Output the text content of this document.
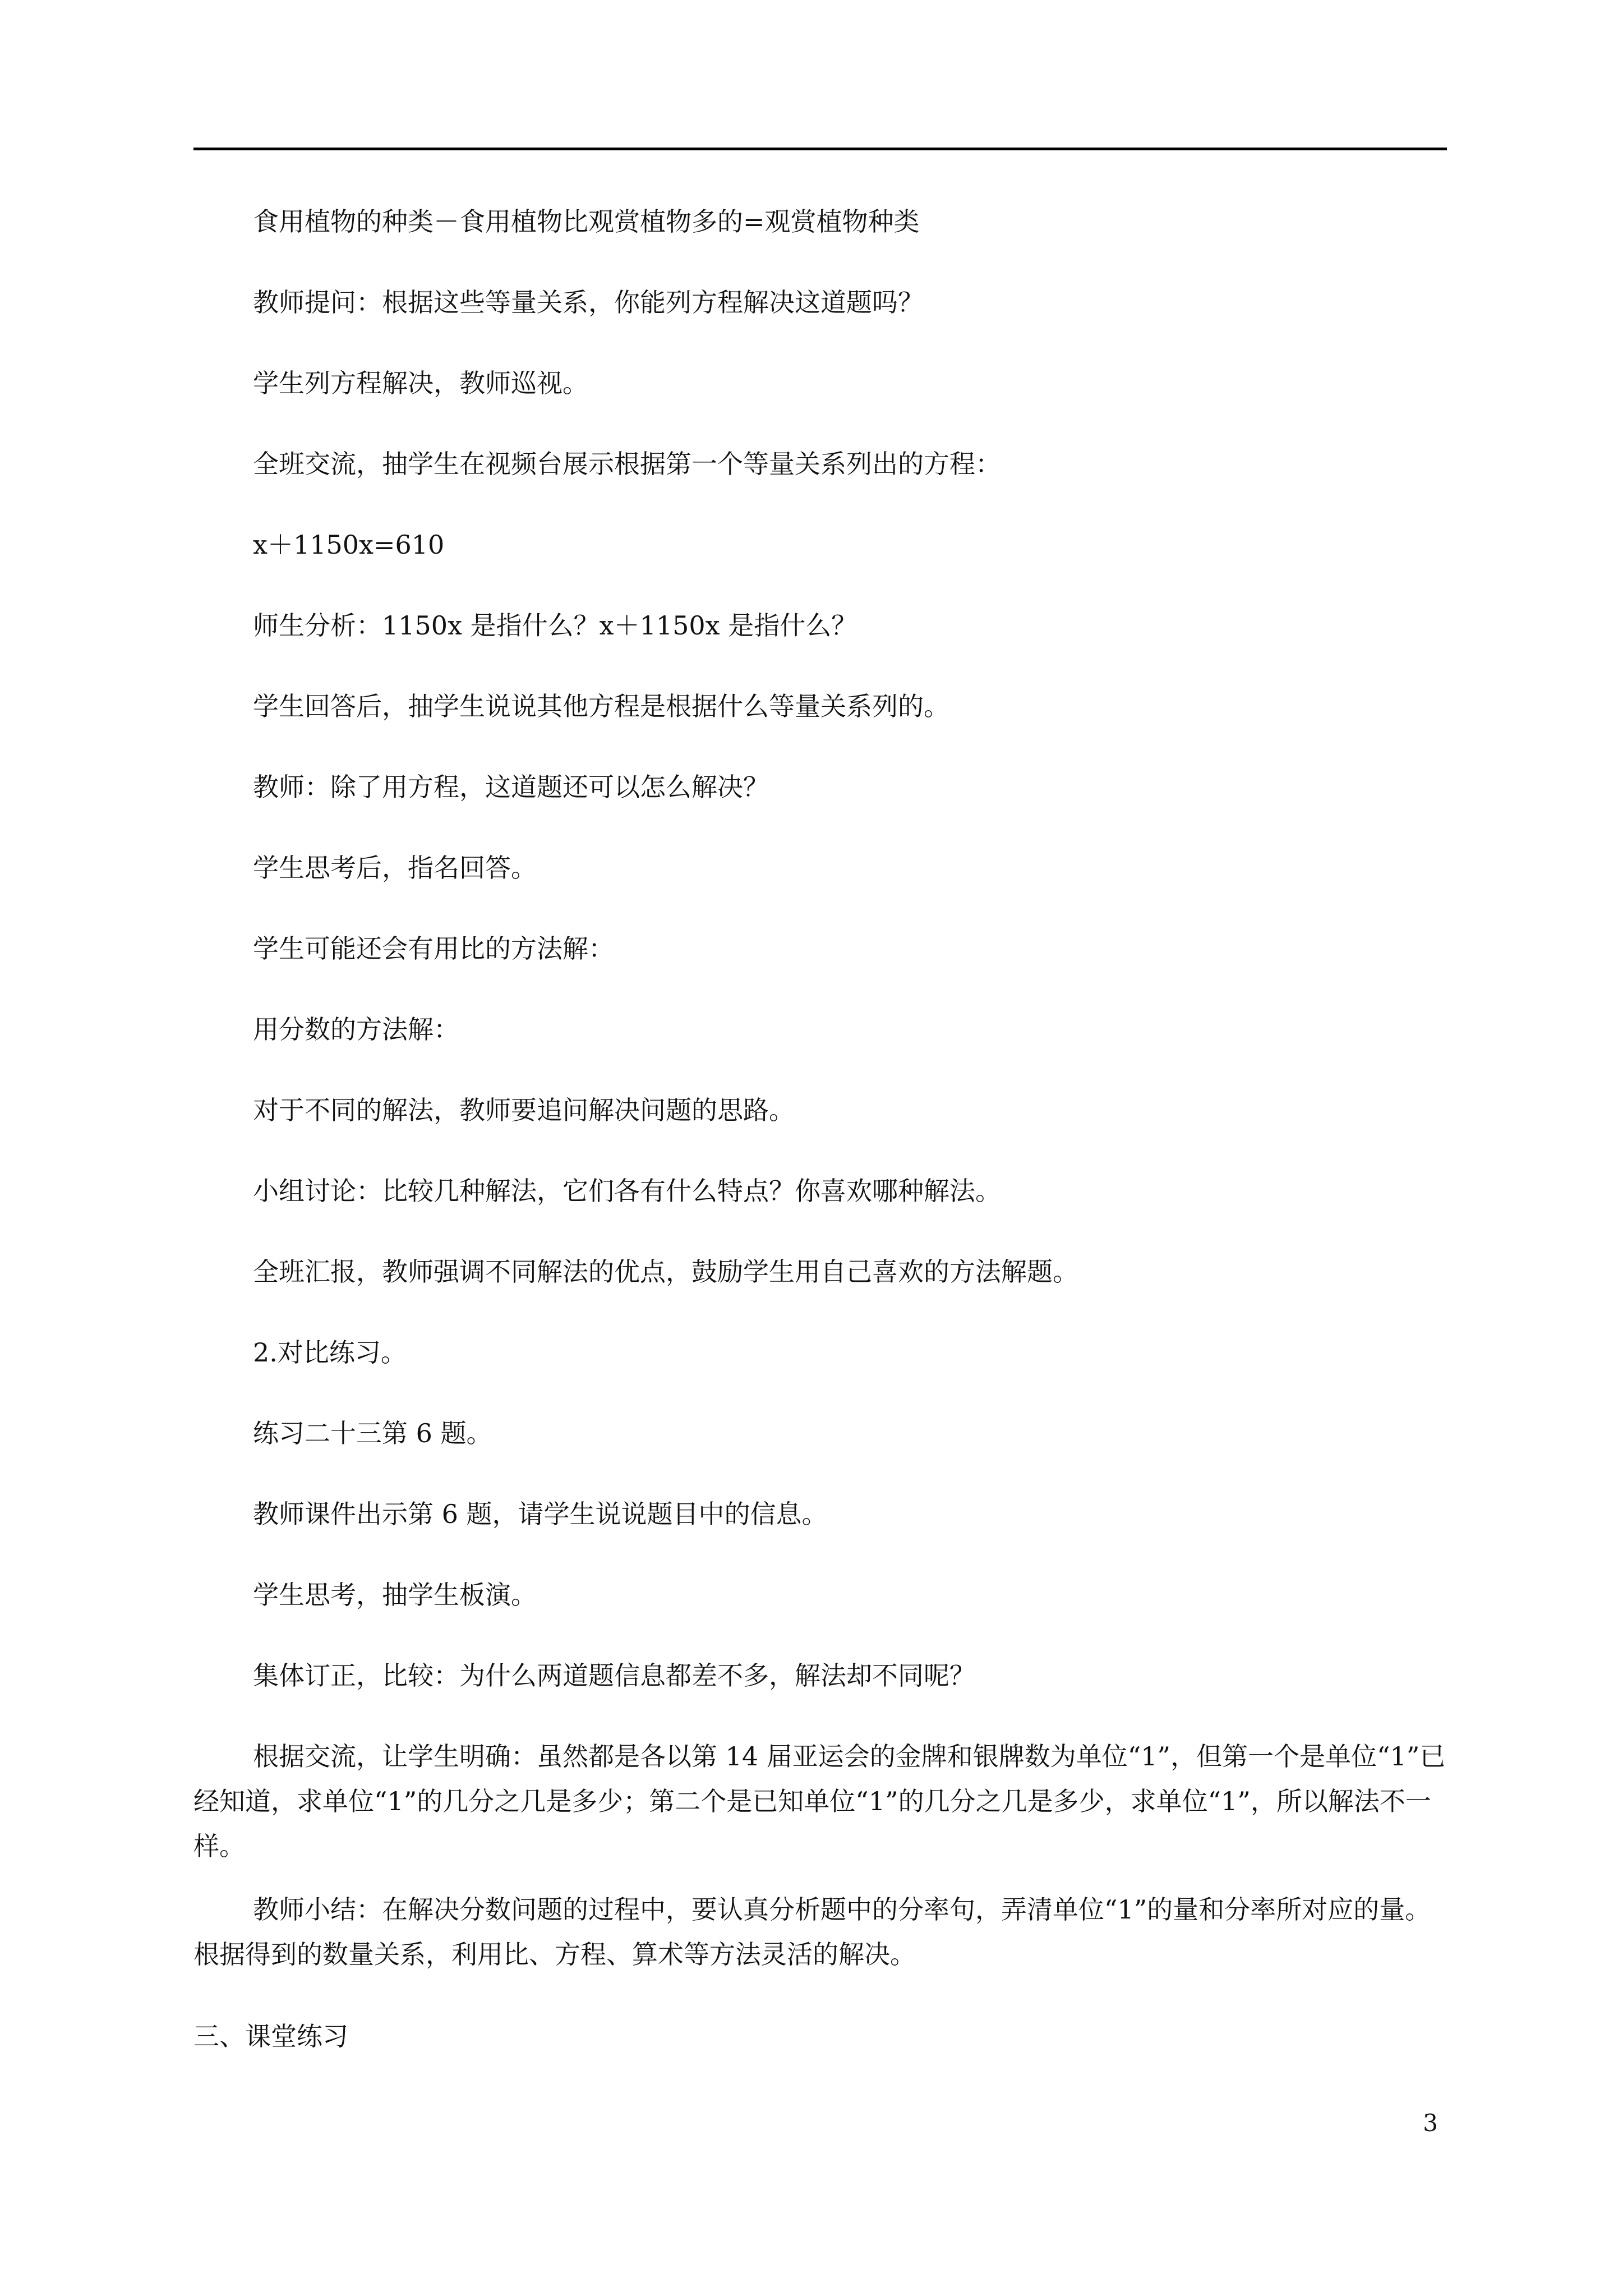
食用植物的种类－食用植物比观赏植物多的=观赏植物种类

教师提问：根据这些等量关系，你能列方程解决这道题吗？

学生列方程解决，教师巡视。

全班交流，抽学生在视频台展示根据第一个等量关系列出的方程：

x＋1150x=610

师生分析：1150x 是指什么？x＋1150x 是指什么？

学生回答后，抽学生说说其他方程是根据什么等量关系列的。

教师：除了用方程，这道题还可以怎么解决？

学生思考后，指名回答。

学生可能还会有用比的方法解：

用分数的方法解：

对于不同的解法，教师要追问解决问题的思路。

小组讨论：比较几种解法，它们各有什么特点？你喜欢哪种解法。

全班汇报，教师强调不同解法的优点，鼓励学生用自己喜欢的方法解题。

2.对比练习。

练习二十三第 6 题。

教师课件出示第 6 题，请学生说说题目中的信息。

学生思考，抽学生板演。

集体订正，比较：为什么两道题信息都差不多，解法却不同呢？

根据交流，让学生明确：虽然都是各以第 14 届亚运会的金牌和银牌数为单位“1”，但第一个是单位“1”已经知道，求单位“1”的几分之几是多少；第二个是已知单位“1”的几分之几是多少，求单位“1”，所以解法不一样。

教师小结：在解决分数问题的过程中，要认真分析题中的分率句，弄清单位“1”的量和分率所对应的量。根据得到的数量关系，利用比、方程、算术等方法灵活的解决。

三、课堂练习

3
